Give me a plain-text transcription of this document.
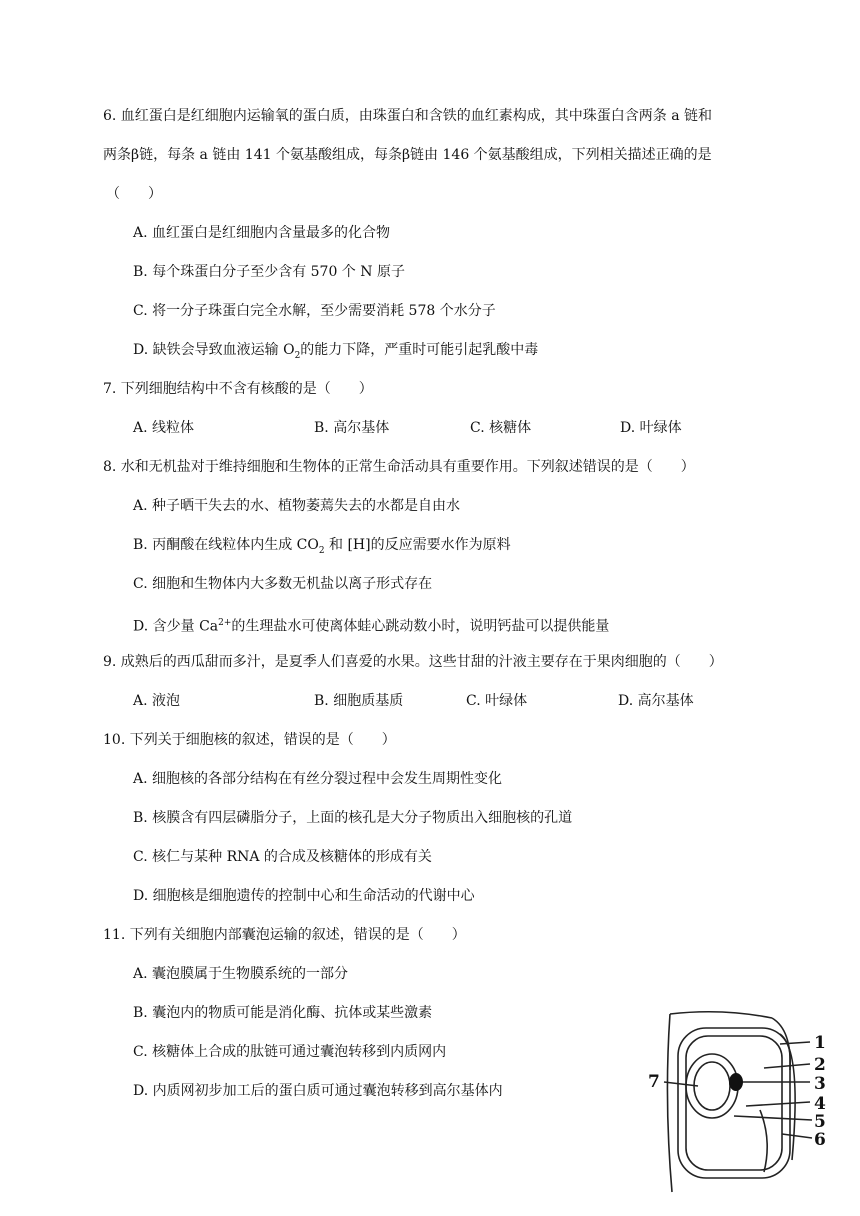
6. 血红蛋白是红细胞内运输氧的蛋白质，由珠蛋白和含铁的血红素构成，其中珠蛋白含两条 a 链和
两条β链，每条 a 链由 141 个氨基酸组成，每条β链由 146 个氨基酸组成，下列相关描述正确的是
（　　）
A. 血红蛋白是红细胞内含量最多的化合物
B. 每个珠蛋白分子至少含有 570 个 N 原子
C. 将一分子珠蛋白完全水解，至少需要消耗 578 个水分子
D. 缺铁会导致血液运输 $O_2$的能力下降，严重时可能引起乳酸中毒
7. 下列细胞结构中不含有核酸的是（　　）
A. 线粒体	B. 高尔基体	C. 核糖体	D. 叶绿体
8. 水和无机盐对于维持细胞和生物体的正常生命活动具有重要作用。下列叙述错误的是（　　）
A. 种子晒干失去的水、植物萎蔫失去的水都是自由水
B. 丙酮酸在线粒体内生成 $CO_2$ 和 [H]的反应需要水作为原料
C. 细胞和生物体内大多数无机盐以离子形式存在
D. 含少量 $Ca^{2+}$的生理盐水可使离体蛙心跳动数小时，说明钙盐可以提供能量
9. 成熟后的西瓜甜而多汁，是夏季人们喜爱的水果。这些甘甜的汁液主要存在于果肉细胞的（　　）
A. 液泡	B. 细胞质基质	C. 叶绿体	D. 高尔基体
10. 下列关于细胞核的叙述，错误的是（　　）
A. 细胞核的各部分结构在有丝分裂过程中会发生周期性变化
B. 核膜含有四层磷脂分子，上面的核孔是大分子物质出入细胞核的孔道
C. 核仁与某种 RNA 的合成及核糖体的形成有关
D. 细胞核是细胞遗传的控制中心和生命活动的代谢中心
11. 下列有关细胞内部囊泡运输的叙述，错误的是（　　）
A. 囊泡膜属于生物膜系统的一部分
B. 囊泡内的物质可能是消化酶、抗体或某些激素
C. 核糖体上合成的肽链可通过囊泡转移到内质网内
D. 内质网初步加工后的蛋白质可通过囊泡转移到高尔基体内
1
2
3
4
5
6
7
